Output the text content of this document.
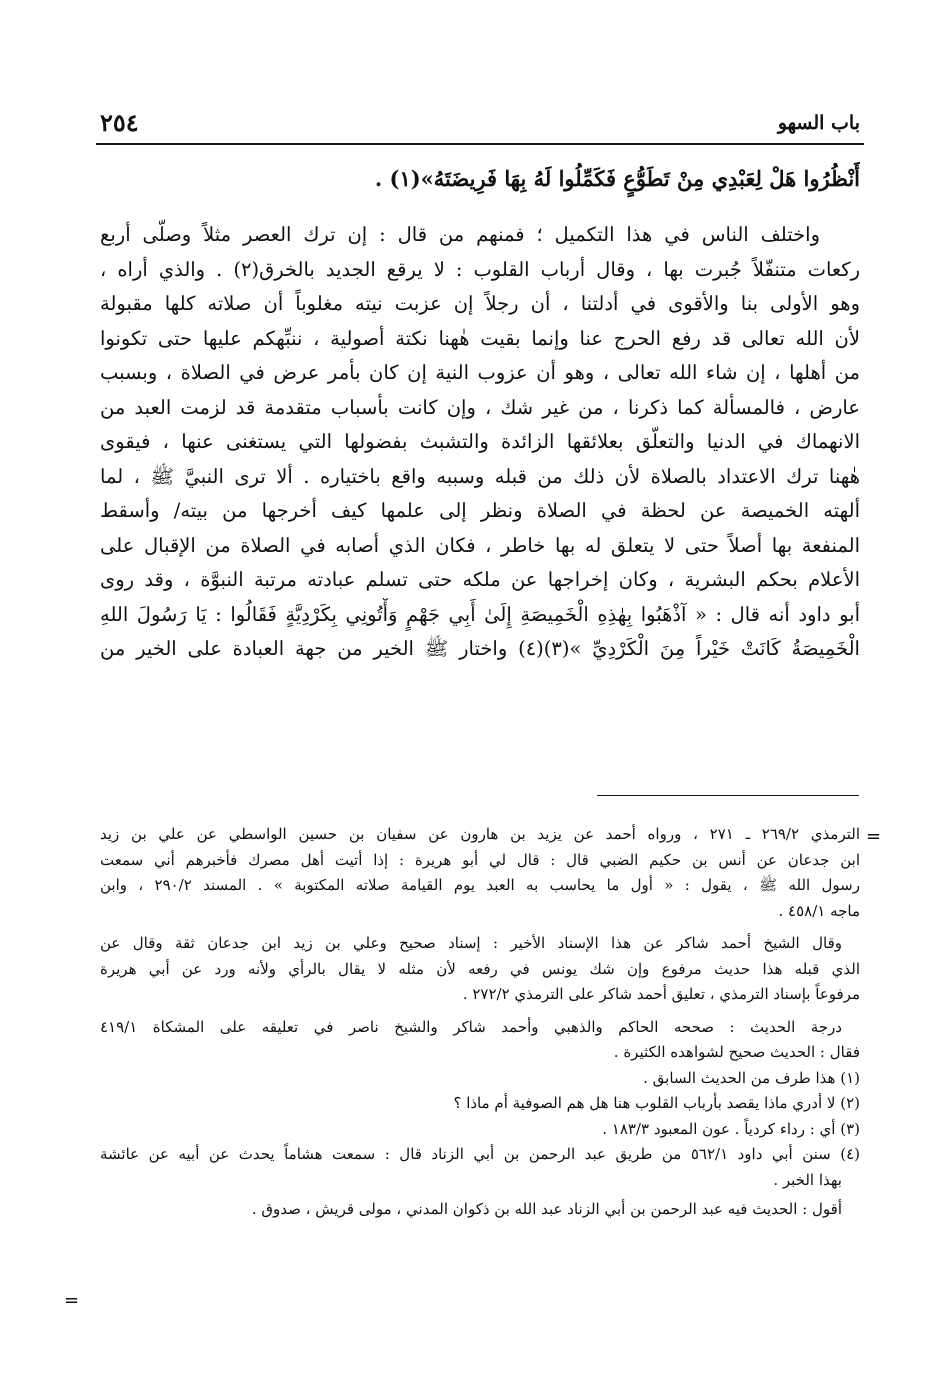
باب السهو
٢٥٤
أَنْظُرُوا هَلْ لِعَبْدِي مِنْ تَطَوُّعٍ فَكَمِّلُوا لَهُ بِهَا فَرِيضَتَهُ»(١) .
واختلف الناس في هذا التكميل ؛ فمنهم من قال : إن ترك العصر مثلاً وصلّى أربع
ركعات متنفّلاً جُبرت بها ، وقال أرباب القلوب : لا يرقع الجديد بالخرق(٢) . والذي أراه ،
وهو الأولى بنا والأقوى في أدلتنا ، أن رجلاً إن عزبت نيته مغلوباً أن صلاته كلها مقبولة
لأن الله تعالى قد رفع الحرج عنا وإنما بقيت هٰهنا نكتة أصولية ، ننبِّهكم عليها حتى تكونوا
من أهلها ، إن شاء الله تعالى ، وهو أن عزوب النية إن كان بأمر عرض في الصلاة ، وبسبب
عارض ، فالمسألة كما ذكرنا ، من غير شك ، وإن كانت بأسباب متقدمة قد لزمت العبد من
الانهماك في الدنيا والتعلّق بعلائقها الزائدة والتشبث بفضولها التي يستغنى عنها ، فيقوى
هٰهنا ترك الاعتداد بالصلاة لأن ذلك من قبله وسببه واقع باختياره . ألا ترى النبيَّ ﷺ ، لما
ألهته الخميصة عن لحظة في الصلاة ونظر إلى علمها كيف أخرجها من بيته/ وأسقط
المنفعة بها أصلاً حتى لا يتعلق له بها خاطر ، فكان الذي أصابه في الصلاة من الإقبال على
الأعلام بحكم البشرية ، وكان إخراجها عن ملكه حتى تسلم عبادته مرتبة النبوَّة ، وقد روى
أبو داود أنه قال : « آذْهَبُوا بِهٰذِهِ الْخَمِيصَةِ إِلَىٰ أَبِي جَهْمٍ وَأْتُونِي بِكَرْدِيَّةٍ فَقَالُوا : يَا رَسُولَ اللهِ
الْخَمِيصَةُ كَانَتْ خَيْراً مِنَ الْكَرْدِيِّ »(٣)(٤) واختار ﷺ الخير من جهة العبادة على الخير من
=
الترمذي ٢٦٩/٢ ـ ٢٧١ ، ورواه أحمد عن يزيد بن هارون عن سفيان بن حسين الواسطي عن علي بن زيد
ابن جدعان عن أنس بن حكيم الضبي قال : قال لي أبو هريرة : إذا أتيت أهل مصرك فأخبرهم أني سمعت
رسول الله ﷺ ، يقول : « أول ما يحاسب به العبد يوم القيامة صلاته المكتوبة » . المسند ٢٩٠/٢ ، وابن
ماجه ٤٥٨/١ .
وقال الشيخ أحمد شاكر عن هذا الإسناد الأخير : إسناد صحيح وعلي بن زيد ابن جدعان ثقة وقال عن
الذي قبله هذا حديث مرفوع وإن شك يونس في رفعه لأن مثله لا يقال بالرأي ولأنه ورد عن أبي هريرة
مرفوعاً بإسناد الترمذي ، تعليق أحمد شاكر على الترمذي ٢٧٢/٢ .
درجة الحديث : صححه الحاكم والذهبي وأحمد شاكر والشيخ ناصر في تعليقه على المشكاة ٤١٩/١
فقال : الحديث صحيح لشواهده الكثيرة .
(١) هذا طرف من الحديث السابق .
(٢) لا أدري ماذا يقصد بأرباب القلوب هنا هل هم الصوفية أم ماذا ؟
(٣) أي : رداء كردياً . عون المعبود ١٨٣/٣ .
(٤) سنن أبي داود ٥٦٢/١ من طريق عبد الرحمن بن أبي الزناد قال : سمعت هشاماً يحدث عن أبيه عن عائشة
بهذا الخبر .
أقول : الحديث فيه عبد الرحمن بن أبي الزناد عبد الله بن ذكوان المدني ، مولى قريش ، صدوق .
=
